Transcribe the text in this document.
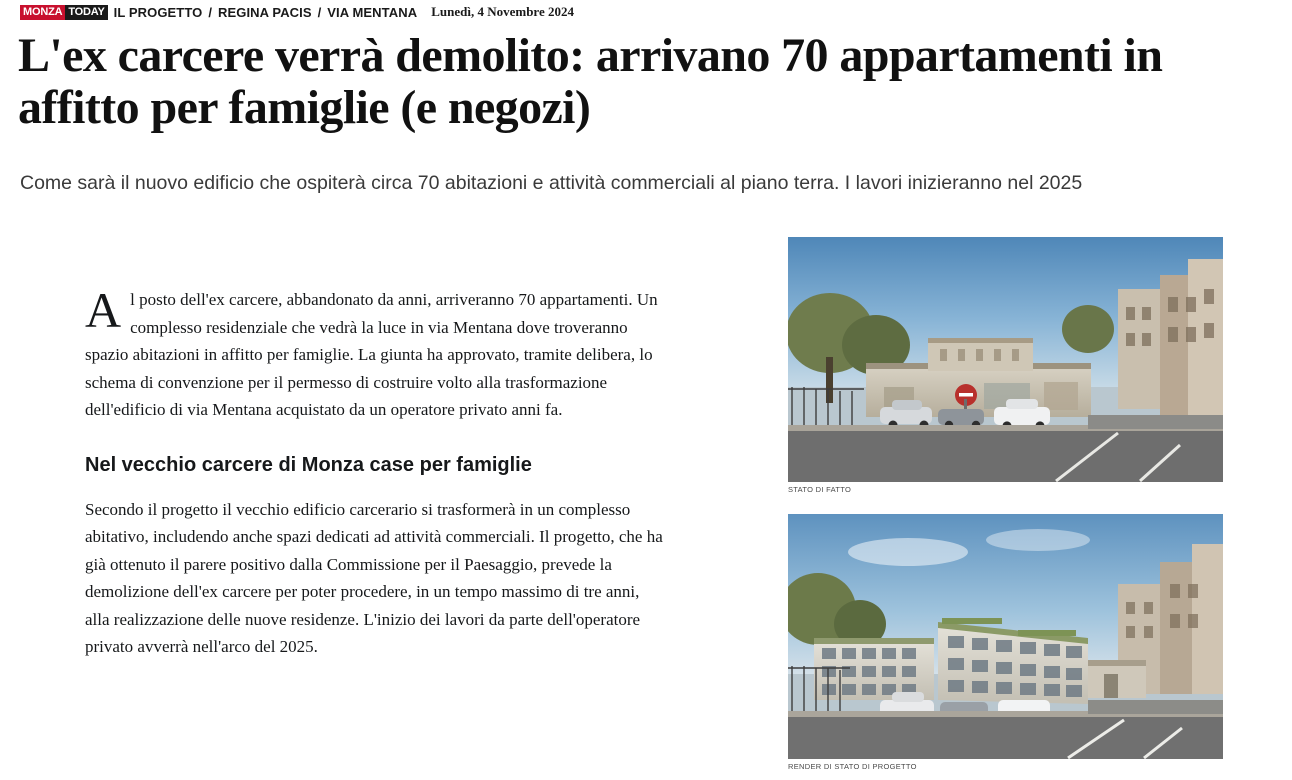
MONZA TODAY IL PROGETTO / REGINA PACIS / VIA MENTANA Lunedì, 4 Novembre 2024
L'ex carcere verrà demolito: arrivano 70 appartamenti in affitto per famiglie (e negozi)

Come sarà il nuovo edificio che ospiterà circa 70 abitazioni e attività commerciali al piano terra. I lavori inizieranno nel 2025

Al posto dell'ex carcere, abbandonato da anni, arriveranno 70 appartamenti. Un complesso residenziale che vedrà la luce in via Mentana dove troveranno spazio abitazioni in affitto per famiglie. La giunta ha approvato, tramite delibera, lo schema di convenzione per il permesso di costruire volto alla trasformazione dell'edificio di via Mentana acquistato da un operatore privato anni fa.

Nel vecchio carcere di Monza case per famiglie

Secondo il progetto il vecchio edificio carcerario si trasformerà in un complesso abitativo, includendo anche spazi dedicati ad attività commerciali. Il progetto, che ha già ottenuto il parere positivo dalla Commissione per il Paesaggio, prevede la demolizione dell'ex carcere per poter procedere, in un tempo massimo di tre anni, alla realizzazione delle nuove residenze. L'inizio dei lavori da parte dell'operatore privato avverrà nell'arco del 2025.

STATO DI FATTO
RENDER DI STATO DI PROGETTO
